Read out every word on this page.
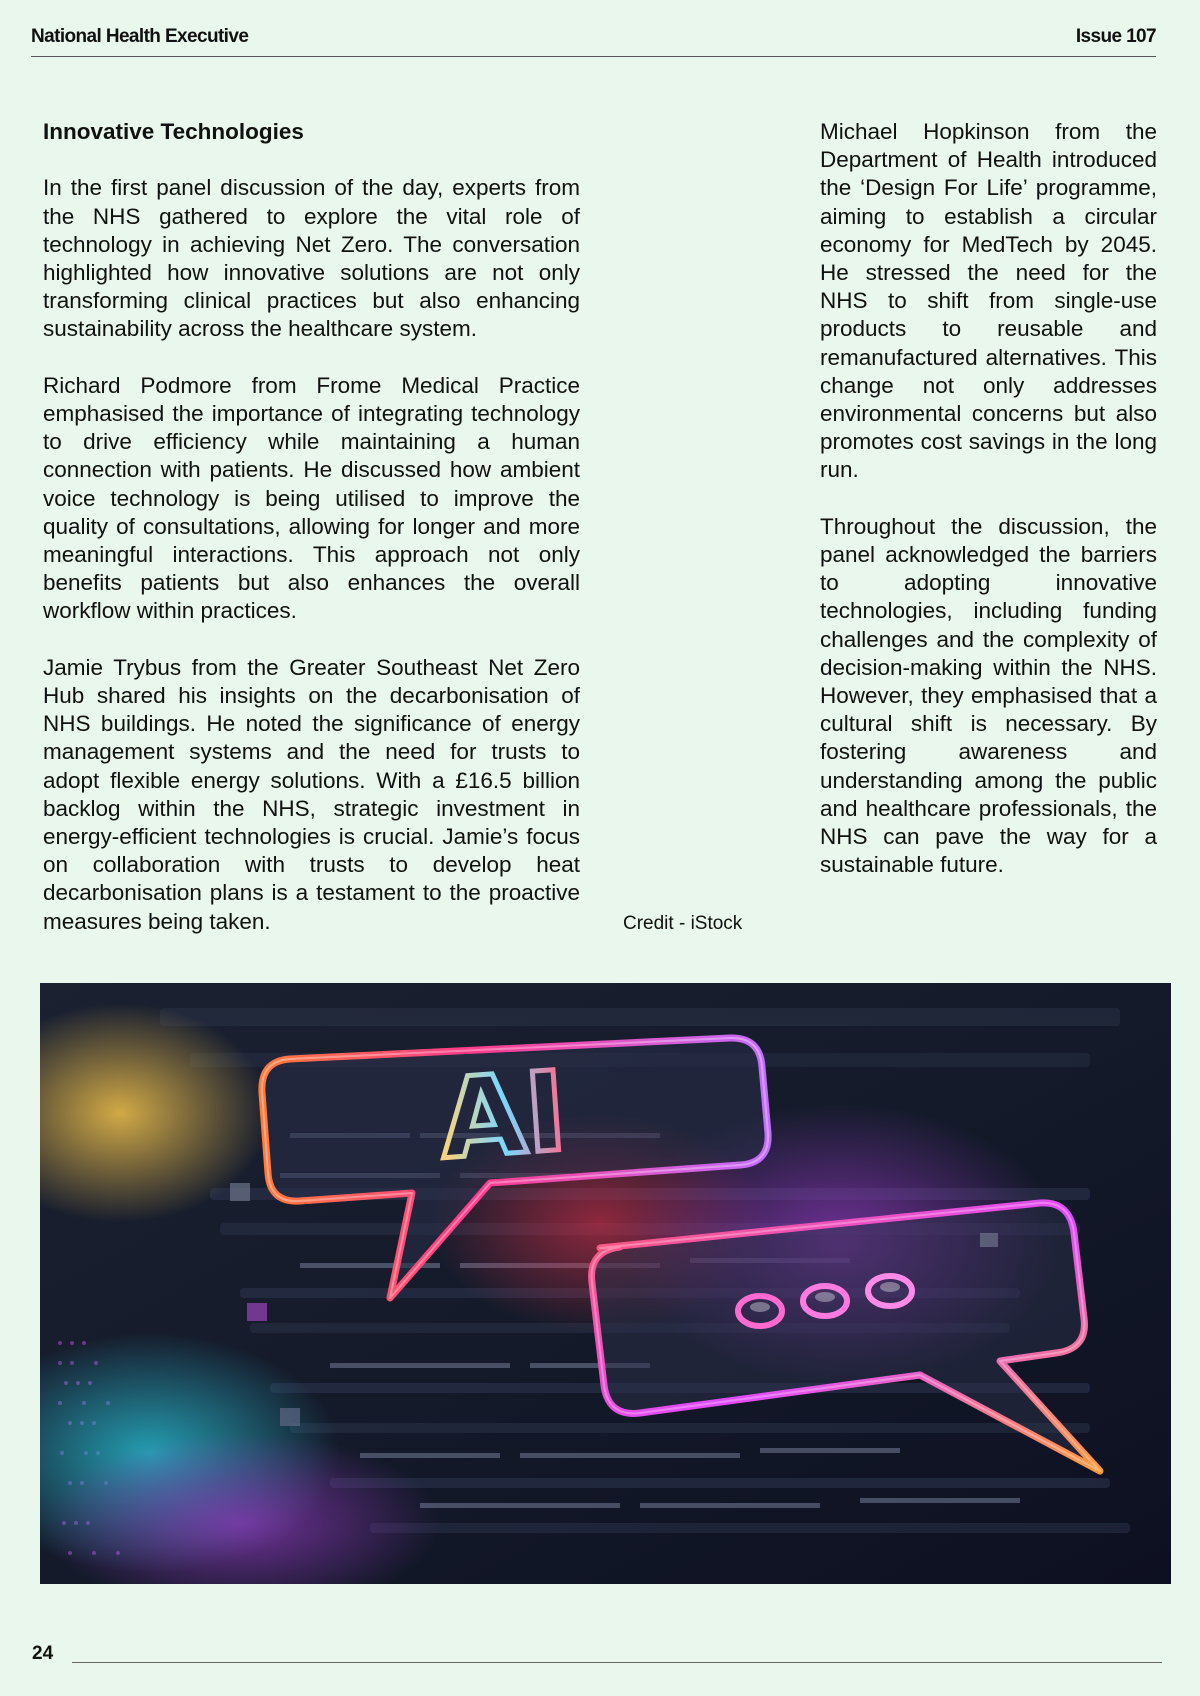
National Health Executive	Issue 107
Innovative Technologies

In the first panel discussion of the day, experts from the NHS gathered to explore the vital role of technology in achieving Net Zero. The conversation highlighted how innovative solutions are not only transforming clinical practices but also enhancing sustainability across the healthcare system.

Richard Podmore from Frome Medical Practice emphasised the importance of integrating technology to drive efficiency while maintaining a human connection with patients. He discussed how ambient voice technology is being utilised to improve the quality of consultations, allowing for longer and more meaningful interactions. This approach not only benefits patients but also enhances the overall workflow within practices.

Jamie Trybus from the Greater Southeast Net Zero Hub shared his insights on the decarbonisation of NHS buildings. He noted the significance of energy management systems and the need for trusts to adopt flexible energy solutions. With a £16.5 billion backlog within the NHS, strategic investment in energy-efficient technologies is crucial. Jamie’s focus on collaboration with trusts to develop heat decarbonisation plans is a testament to the proactive measures being taken.	Credit - iStock

Michael Hopkinson from the Department of Health introduced the ‘Design For Life’ programme, aiming to establish a circular economy for MedTech by 2045. He stressed the need for the NHS to shift from single-use products to reusable and remanufactured alternatives. This change not only addresses environmental concerns but also promotes cost savings in the long run.

Throughout the discussion, the panel acknowledged the barriers to adopting innovative technologies, including funding challenges and the complexity of decision-making within the NHS. However, they emphasised that a cultural shift is necessary. By fostering awareness and understanding among the public and healthcare professionals, the NHS can pave the way for a sustainable future.

AI
24
